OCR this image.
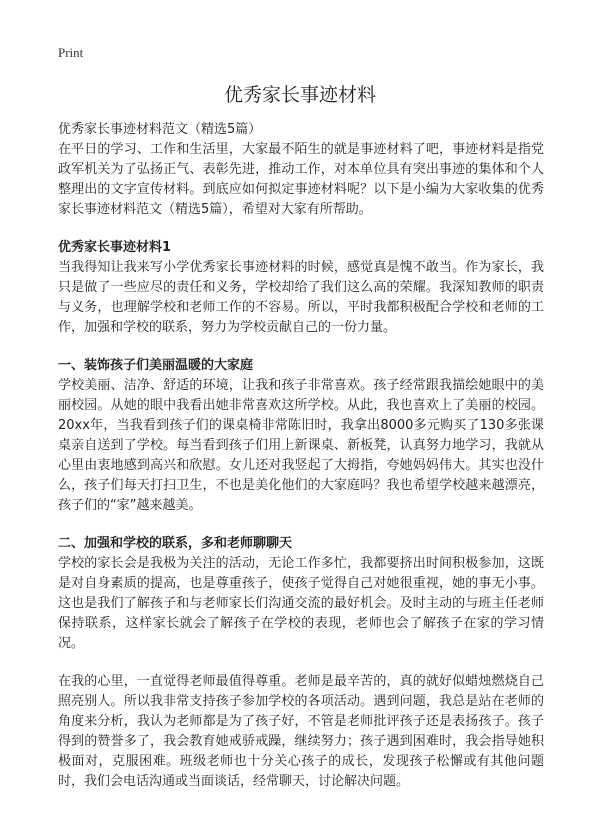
Print
优秀家长事迹材料

优秀家长事迹材料范文（精选5篇）

在平日的学习、工作和生活里，大家最不陌生的就是事迹材料了吧，事迹材料是指党政军机关为了弘扬正气、表彰先进，推动工作，对本单位具有突出事迹的集体和个人整理出的文字宣传材料。到底应如何拟定事迹材料呢？以下是小编为大家收集的优秀家长事迹材料范文（精选5篇），希望对大家有所帮助。

优秀家长事迹材料1

当我得知让我来写小学优秀家长事迹材料的时候，感觉真是愧不敢当。作为家长，我只是做了一些应尽的责任和义务，学校却给了我们这么高的荣耀。我深知教师的职责与义务，也理解学校和老师工作的不容易。所以，平时我都积极配合学校和老师的工作，加强和学校的联系，努力为学校贡献自己的一份力量。

一、装饰孩子们美丽温暖的大家庭

学校美丽、洁净、舒适的环境，让我和孩子非常喜欢。孩子经常跟我描绘她眼中的美丽校园。从她的眼中我看出她非常喜欢这所学校。从此，我也喜欢上了美丽的校园。20xx年，当我看到孩子们的课桌椅非常陈旧时，我拿出8000多元购买了130多张课桌亲自送到了学校。每当看到孩子们用上新课桌、新板凳，认真努力地学习，我就从心里由衷地感到高兴和欣慰。女儿还对我竖起了大拇指，夸她妈妈伟大。其实也没什么，孩子们每天打扫卫生，不也是美化他们的大家庭吗？我也希望学校越来越漂亮，孩子们的“家”越来越美。

二、加强和学校的联系，多和老师聊聊天

学校的家长会是我极为关注的活动，无论工作多忙，我都要挤出时间积极参加，这既是对自身素质的提高，也是尊重孩子，使孩子觉得自己对她很重视，她的事无小事。这也是我们了解孩子和与老师家长们沟通交流的最好机会。及时主动的与班主任老师保持联系，这样家长就会了解孩子在学校的表现，老师也会了解孩子在家的学习情况。

在我的心里，一直觉得老师最值得尊重。老师是最辛苦的，真的就好似蜡烛燃烧自己照亮别人。所以我非常支持孩子参加学校的各项活动。遇到问题，我总是站在老师的角度来分析，我认为老师都是为了孩子好，不管是老师批评孩子还是表扬孩子。孩子得到的赞誉多了，我会教育她戒骄戒躁，继续努力；孩子遇到困难时，我会指导她积极面对，克服困难。班级老师也十分关心孩子的成长，发现孩子松懈或有其他问题时，我们会电话沟通或当面谈话，经常聊天，讨论解决问题。
